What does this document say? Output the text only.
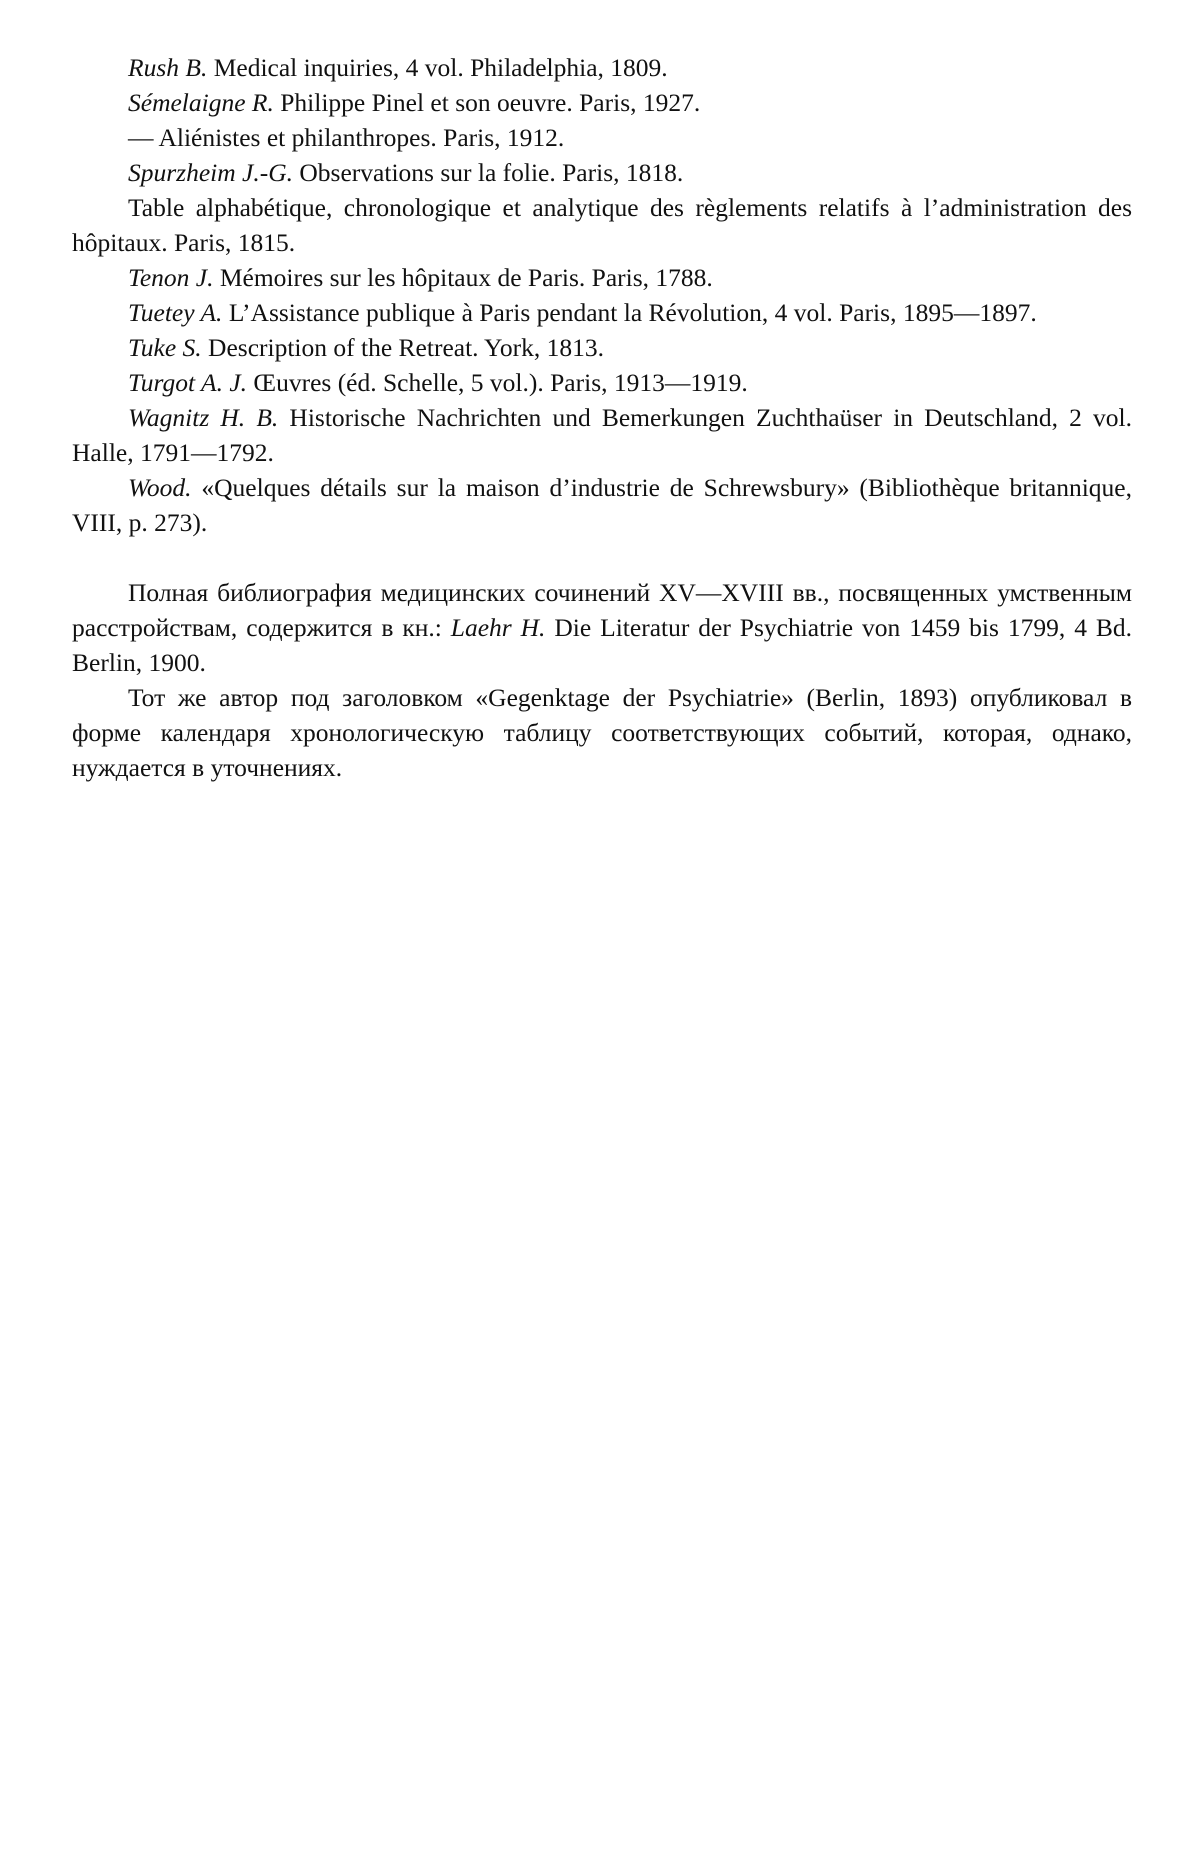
Rush B. Medical inquiries, 4 vol. Philadelphia, 1809.

Sémelaigne R. Philippe Pinel et son oeuvre. Paris, 1927.

— Aliénistes et philanthropes. Paris, 1912.

Spurzheim J.-G. Observations sur la folie. Paris, 1818.

Table alphabétique, chronologique et analytique des règlements relatifs à l’administration des hôpitaux. Paris, 1815.

Tenon J. Mémoires sur les hôpitaux de Paris. Paris, 1788.

Tuetey A. L’Assistance publique à Paris pendant la Révolution, 4 vol. Paris, 1895—1897.

Tuke S. Description of the Retreat. York, 1813.

Turgot A. J. Œuvres (éd. Schelle, 5 vol.). Paris, 1913—1919.

Wagnitz H. B. Historische Nachrichten und Bemerkungen Zuchthaüser in Deutschland, 2 vol. Halle, 1791—1792.

Wood. «Quelques détails sur la maison d’industrie de Schrewsbury» (Bibliothèque britannique, VIII, p. 273).

Полная библиография медицинских сочинений XV—XVIII вв., посвященных умственным расстройствам, содержится в кн.: Laehr H. Die Literatur der Psychiatrie von 1459 bis 1799, 4 Bd. Berlin, 1900.

Тот же автор под заголовком «Gegenktage der Psychiatrie» (Berlin, 1893) опубликовал в форме календаря хронологическую таблицу соответствующих событий, которая, однако, нуждается в уточнениях.
